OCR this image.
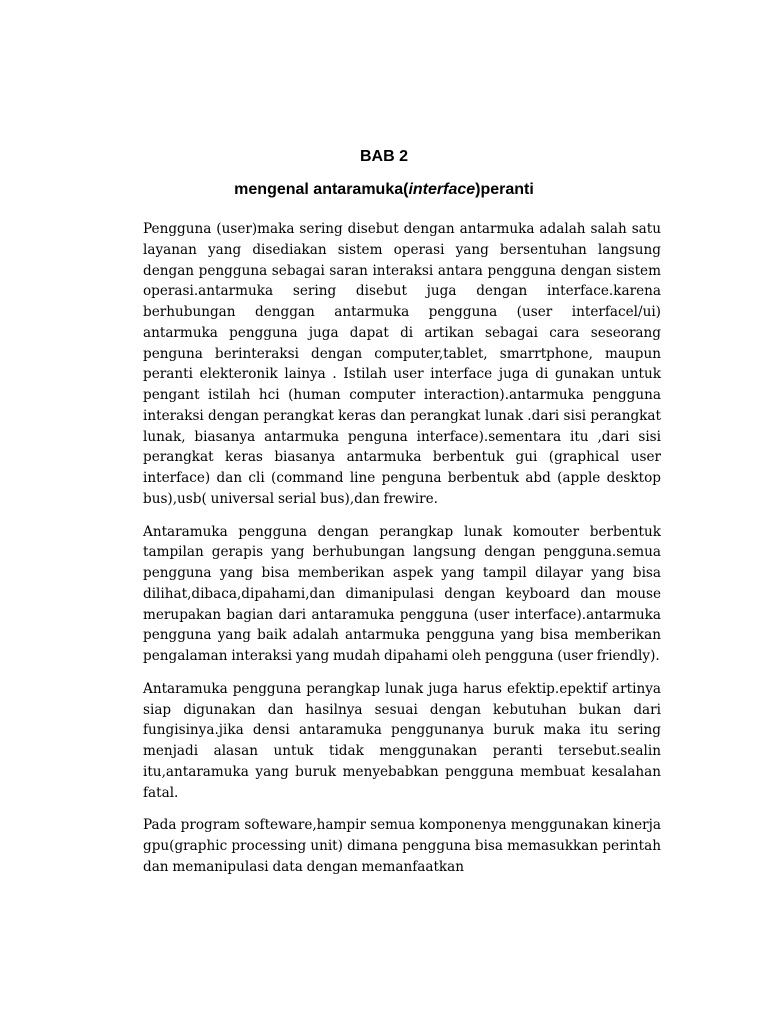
BAB 2
mengenal antaramuka(interface)peranti

Pengguna (user)maka sering disebut dengan antarmuka adalah salah satu layanan yang disediakan sistem operasi yang bersentuhan langsung dengan pengguna sebagai saran interaksi antara pengguna dengan sistem operasi.antarmuka sering disebut juga dengan interface.karena berhubungan denggan antarmuka pengguna (user interfacel/ui) antarmuka pengguna juga dapat di artikan sebagai cara seseorang penguna berinteraksi dengan computer,tablet, smarrtphone, maupun peranti elekteronik lainya . Istilah user interface juga di gunakan untuk pengant istilah hci (human computer interaction).antarmuka pengguna interaksi dengan perangkat keras dan perangkat lunak .dari sisi perangkat lunak, biasanya antarmuka penguna interface).sementara itu ,dari sisi perangkat keras biasanya antarmuka berbentuk gui (graphical user interface) dan cli (command line penguna berbentuk abd (apple desktop bus),usb( universal serial bus),dan frewire.

Antaramuka pengguna dengan perangkap lunak komouter berbentuk tampilan gerapis yang berhubungan langsung dengan pengguna.semua pengguna yang bisa memberikan aspek yang tampil dilayar yang bisa dilihat,dibaca,dipahami,dan dimanipulasi dengan keyboard dan mouse merupakan bagian dari antaramuka pengguna (user interface).antarmuka pengguna yang baik adalah antarmuka pengguna yang bisa memberikan pengalaman interaksi yang mudah dipahami oleh pengguna (user friendly).

Antaramuka pengguna perangkap lunak juga harus efektip.epektif artinya siap digunakan dan hasilnya sesuai dengan kebutuhan bukan dari fungisinya.jika densi antaramuka penggunanya buruk maka itu sering menjadi alasan untuk tidak menggunakan peranti tersebut.sealin itu,antaramuka yang buruk menyebabkan pengguna membuat kesalahan fatal.

Pada program softeware,hampir semua komponenya menggunakan kinerja gpu(graphic processing unit) dimana pengguna bisa memasukkan perintah dan memanipulasi data dengan memanfaatkan
